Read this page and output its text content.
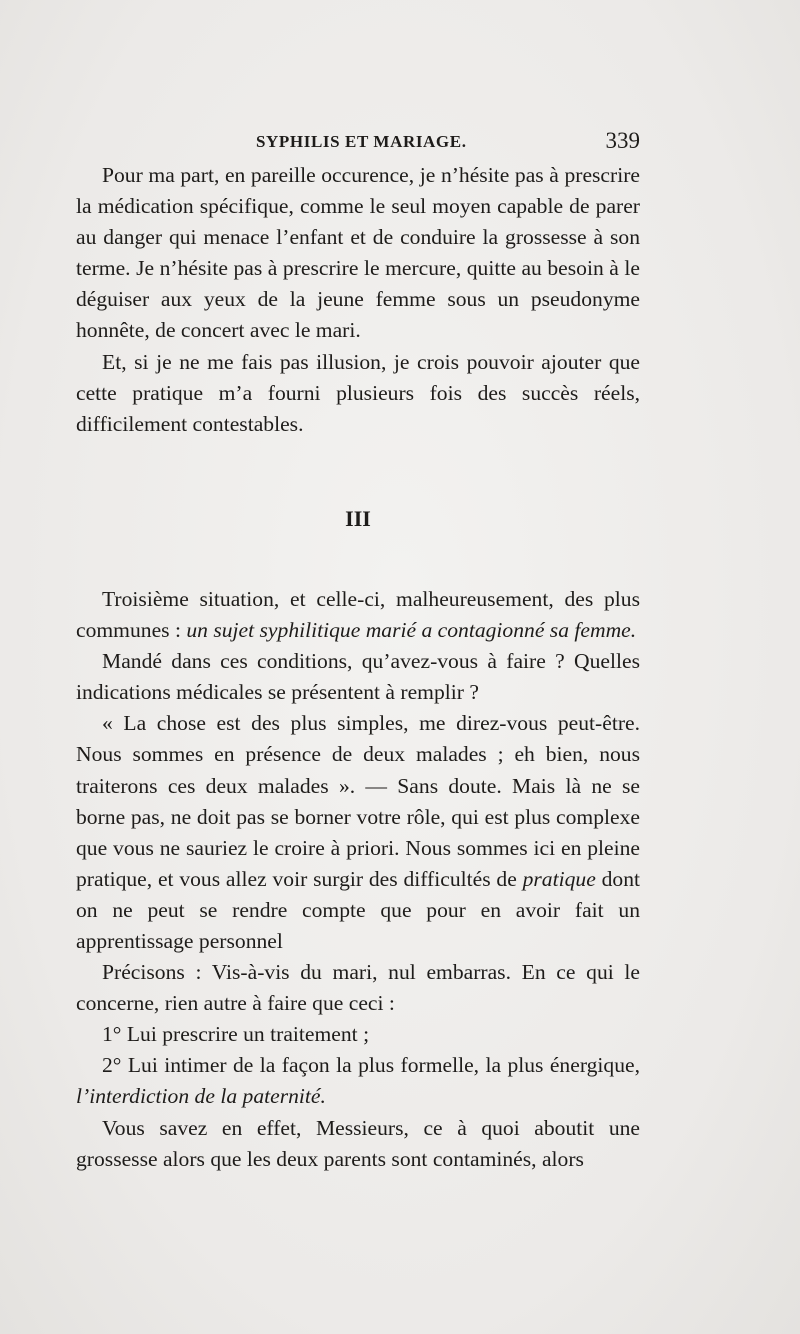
SYPHILIS ET MARIAGE.	339

Pour ma part, en pareille occurence, je n’hésite pas à prescrire la médication spécifique, comme le seul moyen capable de parer au danger qui menace l’enfant et de conduire la grossesse à son terme. Je n’hésite pas à prescrire le mercure, quitte au besoin à le déguiser aux yeux de la jeune femme sous un pseudonyme honnête, de concert avec le mari.

Et, si je ne me fais pas illusion, je crois pouvoir ajouter que cette pratique m’a fourni plusieurs fois des succès réels, difficilement contestables.

III

Troisième situation, et celle-ci, malheureusement, des plus communes : un sujet syphilitique marié a contagionné sa femme.

Mandé dans ces conditions, qu’avez-vous à faire ? Quelles indications médicales se présentent à remplir ?

« La chose est des plus simples, me direz-vous peut-être. Nous sommes en présence de deux malades ; eh bien, nous traiterons ces deux malades ». — Sans doute. Mais là ne se borne pas, ne doit pas se borner votre rôle, qui est plus complexe que vous ne sauriez le croire à priori. Nous sommes ici en pleine pratique, et vous allez voir surgir des difficultés de pratique dont on ne peut se rendre compte que pour en avoir fait un apprentissage personnel

Précisons : Vis-à-vis du mari, nul embarras. En ce qui le concerne, rien autre à faire que ceci :

1° Lui prescrire un traitement ;

2° Lui intimer de la façon la plus formelle, la plus énergique, l’interdiction de la paternité.

Vous savez en effet, Messieurs, ce à quoi aboutit une grossesse alors que les deux parents sont contaminés, alors
